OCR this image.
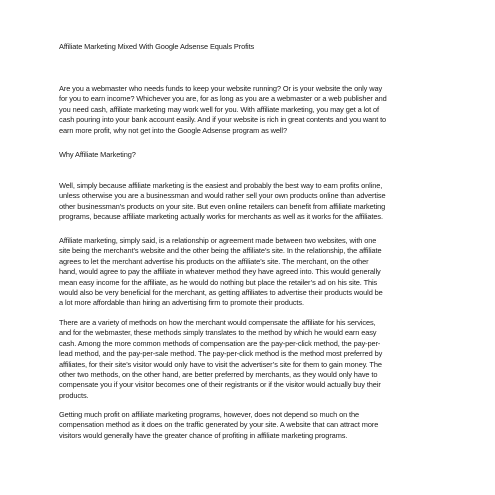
Affiliate Marketing Mixed With Google Adsense Equals Profits

Are you a webmaster who needs funds to keep your website running? Or is your website the only way
for you to earn income? Whichever you are, for as long as you are a webmaster or a web publisher and
you need cash, affiliate marketing may work well for you. With affiliate marketing, you may get a lot of
cash pouring into your bank account easily. And if your website is rich in great contents and you want to
earn more profit, why not get into the Google Adsense program as well?

Why Affiliate Marketing?

Well, simply because affiliate marketing is the easiest and probably the best way to earn profits online,
unless otherwise you are a businessman and would rather sell your own products online than advertise
other businessman’s products on your site. But even online retailers can benefit from affiliate marketing
programs, because affiliate marketing actually works for merchants as well as it works for the affiliates.

Affiliate marketing, simply said, is a relationship or agreement made between two websites, with one
site being the merchant’s website and the other being the affiliate’s site. In the relationship, the affiliate
agrees to let the merchant advertise his products on the affiliate’s site. The merchant, on the other
hand, would agree to pay the affiliate in whatever method they have agreed into. This would generally
mean easy income for the affiliate, as he would do nothing but place the retailer’s ad on his site. This
would also be very beneficial for the merchant, as getting affiliates to advertise their products would be
a lot more affordable than hiring an advertising firm to promote their products.

There are a variety of methods on how the merchant would compensate the affiliate for his services,
and for the webmaster, these methods simply translates to the method by which he would earn easy
cash. Among the more common methods of compensation are the pay-per-click method, the pay-per-
lead method, and the pay-per-sale method. The pay-per-click method is the method most preferred by
affiliates, for their site’s visitor would only have to visit the advertiser’s site for them to gain money. The
other two methods, on the other hand, are better preferred by merchants, as they would only have to
compensate you if your visitor becomes one of their registrants or if the visitor would actually buy their
products.

Getting much profit on affiliate marketing programs, however, does not depend so much on the
compensation method as it does on the traffic generated by your site. A website that can attract more
visitors would generally have the greater chance of profiting in affiliate marketing programs.
